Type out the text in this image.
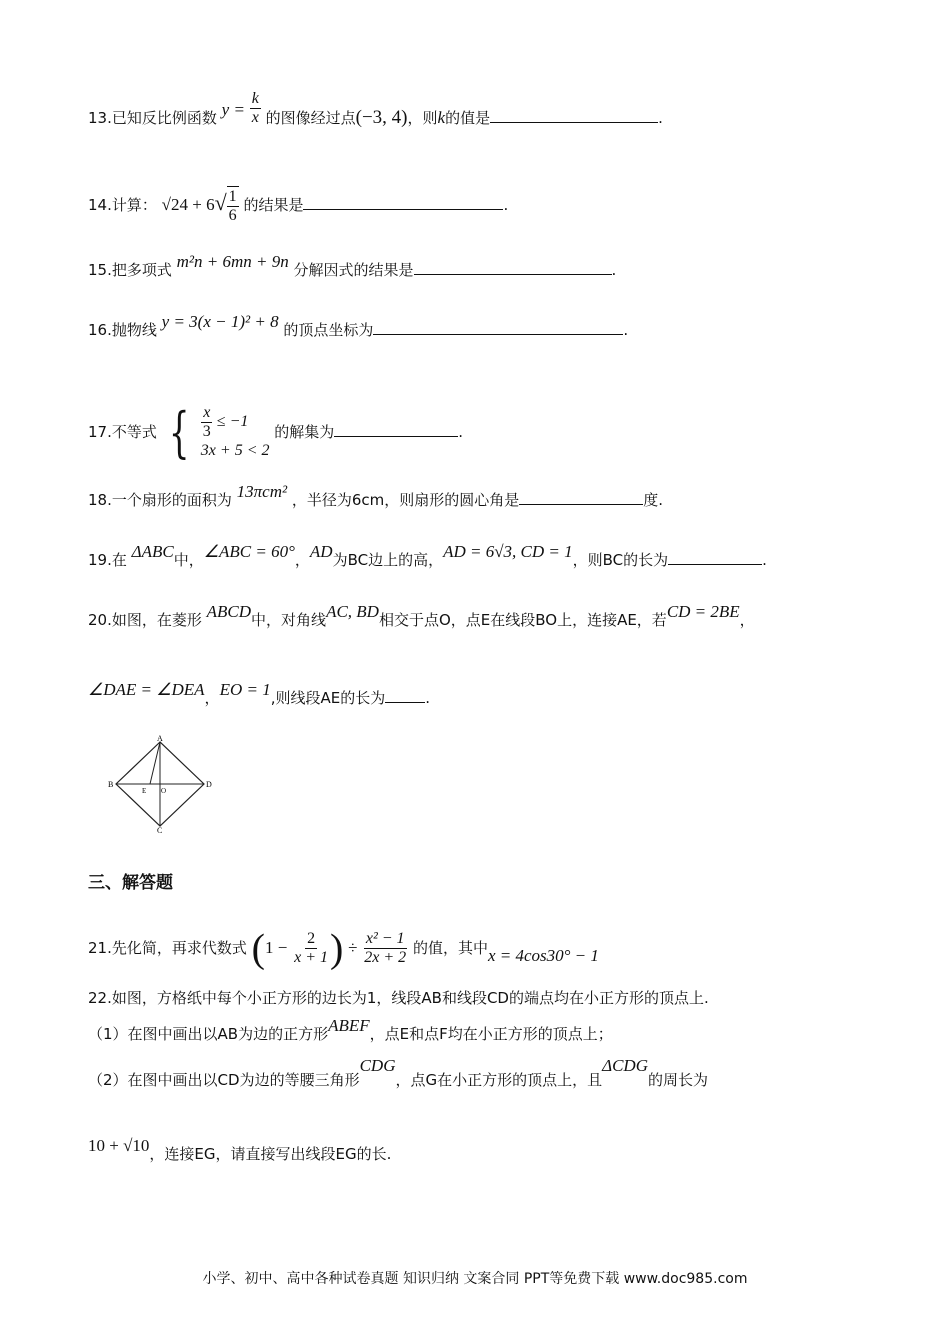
13.已知反比例函数 $y = \frac{k}{x}$ 的图像经过点(−3, 4)，则k的值是	.
14.计算： $√24 + 6√ \frac{1}{6}$ 的结果是	.
15.把多项式 m²n + 6mn + 9n 分解因式的结果是	.
16.抛物线 y = 3(x − 1)² + 8 的顶点坐标为	.
17.不等式 { $\frac{x}{3} \le -1$
3x + 5 < 2
的解集为	.
18.一个扇形的面积为 13πcm² ，半径为6cm，则扇形的圆心角是	度.
19.在 ΔABC中，∠ABC = 60°，AD为BC边上的高，AD = 6√3, CD = 1，则BC的长为	.
20.如图，在菱形 ABCD中，对角线AC, BD相交于点O，点E在线段BO上，连接AE，若CD = 2BE，
∠DAE = ∠DEA，EO = 1,则线段AE的长为	.
A
B	D
E O
C
三、解答题
21.先化简，再求代数式 ($1 - \frac{2}{x + 1}$ ) ÷ $\frac{\text{x² − 1}}{2x + 2}$ 的值，其中x = 4cos30° − 1
22.如图，方格纸中每个小正方形的边长为1，线段AB和线段CD的端点均在小正方形的顶点上.
（1）在图中画出以AB为边的正方形ABEF，点E和点F均在小正方形的顶点上；
（2）在图中画出以CD为边的等腰三角形CDG，点G在小正方形的顶点上，且ΔCDG的周长为
10 + √10，连接EG，请直接写出线段EG的长.
小学、初中、高中各种试卷真题 知识归纳 文案合同 PPT等免费下载 www.doc985.com
